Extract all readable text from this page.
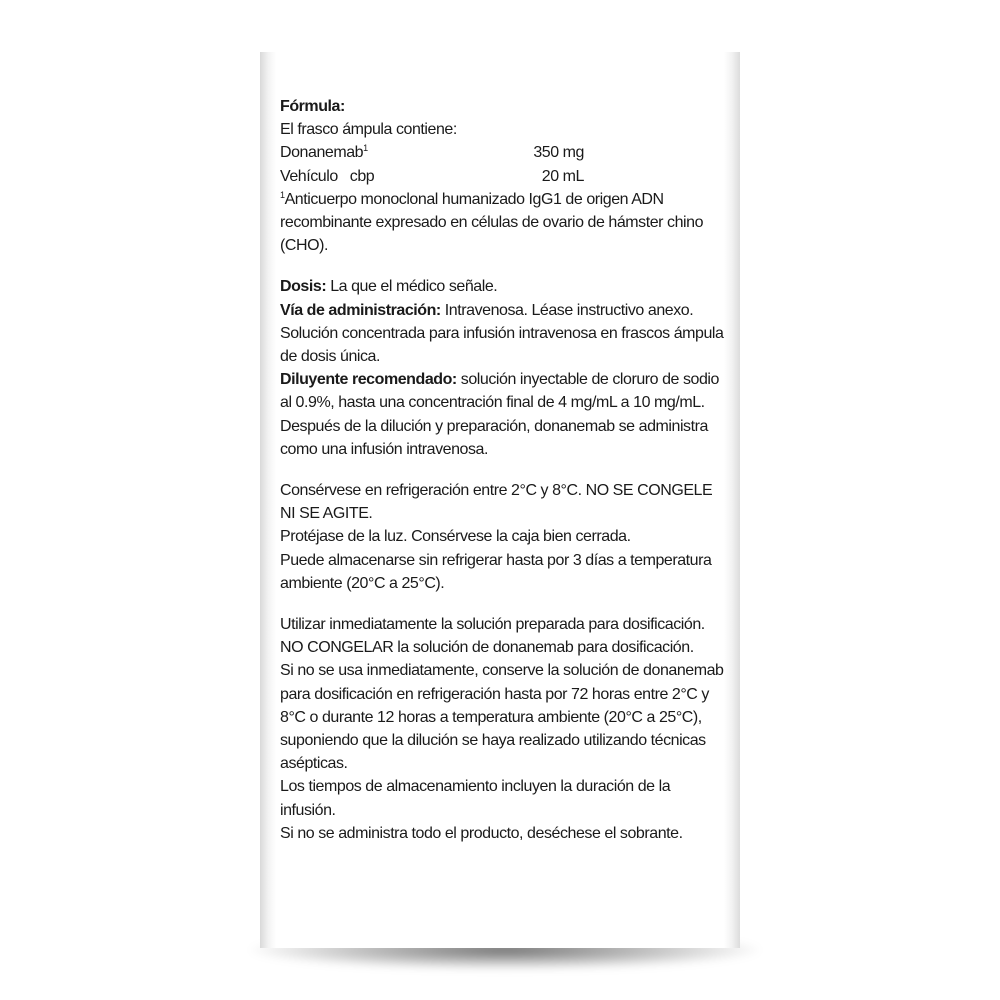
Fórmula:

El frasco ámpula contiene:

Donanemab$^1$	350 mg
Vehículo   cbp	20 mL

$^1$Anticuerpo monoclonal humanizado IgG1 de origen ADN recombinante expresado en células de ovario de hámster chino (CHO).

Dosis: La que el médico señale.

Vía de administración: Intravenosa. Léase instructivo anexo.

Solución concentrada para infusión intravenosa en frascos ámpula de dosis única.

Diluyente recomendado: solución inyectable de cloruro de sodio al 0.9%, hasta una concentración final de 4 mg/mL a 10 mg/mL. Después de la dilución y preparación, donanemab se administra como una infusión intravenosa.

Consérvese en refrigeración entre 2°C y 8°C. NO SE CONGELE NI SE AGITE.

Protéjase de la luz. Consérvese la caja bien cerrada.

Puede almacenarse sin refrigerar hasta por 3 días a temperatura ambiente (20°C a 25°C).

Utilizar inmediatamente la solución preparada para dosificación.

NO CONGELAR la solución de donanemab para dosificación.

Si no se usa inmediatamente, conserve la solución de donanemab para dosificación en refrigeración hasta por 72 horas entre 2°C y 8°C o durante 12 horas a temperatura ambiente (20°C a 25°C), suponiendo que la dilución se haya realizado utilizando técnicas asépticas.

Los tiempos de almacenamiento incluyen la duración de la infusión.

Si no se administra todo el producto, deséchese el sobrante.
